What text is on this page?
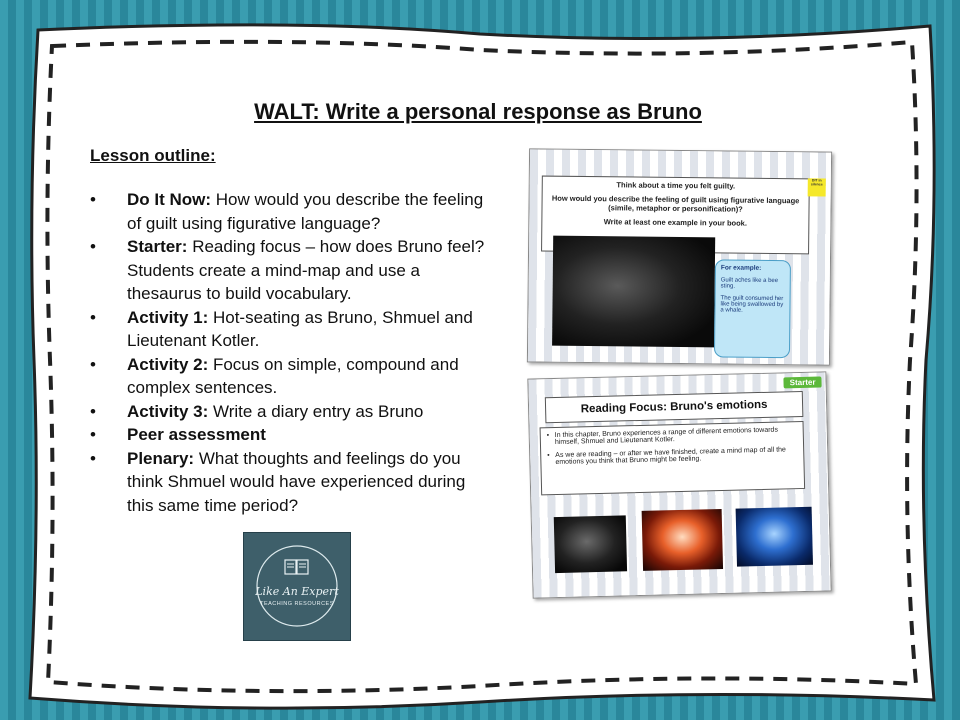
WALT: Write a personal response as Bruno
Lesson outline:
• Do It Now: How would you describe the feeling of guilt using figurative language?
• Starter: Reading focus – how does Bruno feel? Students create a mind-map and use a thesaurus to build vocabulary.
• Activity 1: Hot-seating as Bruno, Shmuel and Lieutenant Kotler.
• Activity 2: Focus on simple, compound and complex sentences.
• Activity 3: Write a diary entry as Bruno
• Peer assessment
• Plenary: What thoughts and feelings do you think Shmuel would have experienced during this same time period?
Like An Expert
TEACHING RESOURCES
Think about a time you felt guilty.
How would you describe the feeling of guilt using figurative language (simile, metaphor or personification)?
Write at least one example in your book.
DIT in silence
For example:
Guilt aches like a bee sting.
The guilt consumed her like being swallowed by a whale.
Starter
Reading Focus: Bruno's emotions
• In this chapter, Bruno experiences a range of different emotions towards himself, Shmuel and Lieutenant Kotler.
• As we are reading – or after we have finished, create a mind map of all the emotions you think that Bruno might be feeling.
